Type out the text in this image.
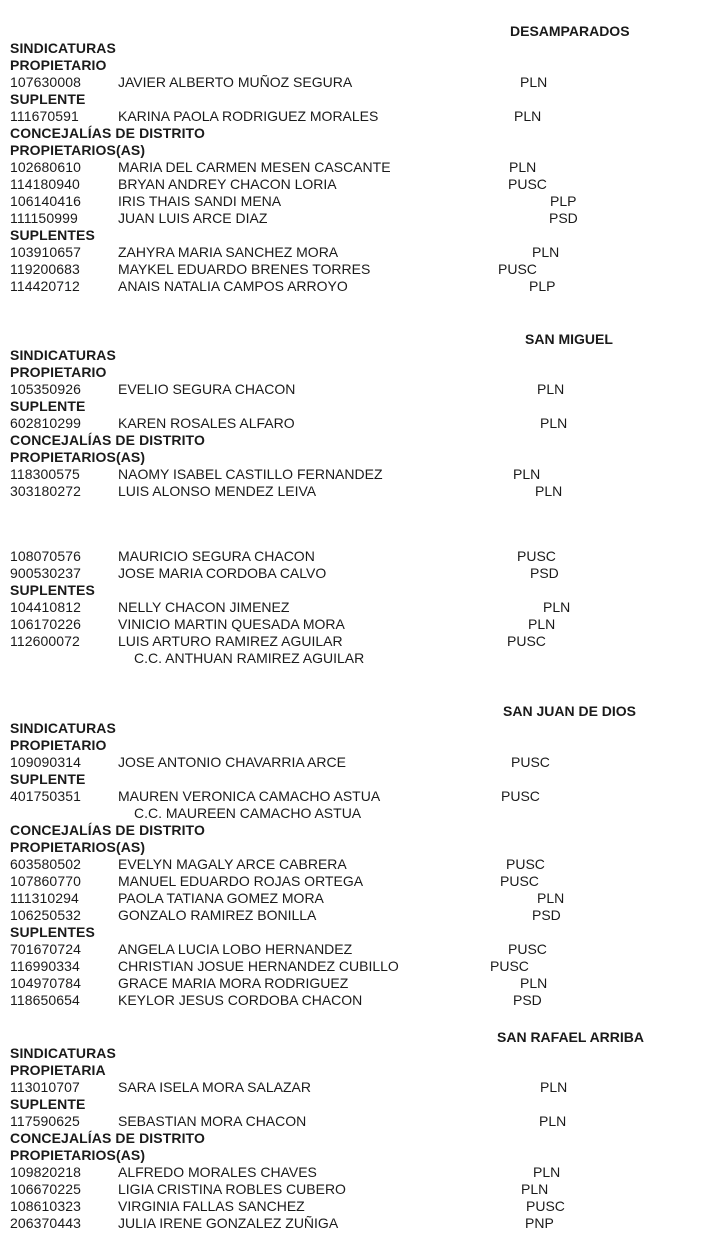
DESAMPARADOS
SINDICATURAS
PROPIETARIO
107630008	JAVIER ALBERTO MUÑOZ SEGURA	PLN
SUPLENTE
111670591	KARINA PAOLA RODRIGUEZ MORALES	PLN
CONCEJALÍAS DE DISTRITO
PROPIETARIOS(AS)
102680610	MARIA DEL CARMEN MESEN CASCANTE	PLN
114180940	BRYAN ANDREY CHACON LORIA	PUSC
106140416	IRIS THAIS SANDI MENA	PLP
111150999	JUAN LUIS ARCE DIAZ	PSD
SUPLENTES
103910657	ZAHYRA MARIA SANCHEZ MORA	PLN
119200683	MAYKEL EDUARDO BRENES TORRES	PUSC
114420712	ANAIS NATALIA CAMPOS ARROYO	PLP
SAN MIGUEL
SINDICATURAS
PROPIETARIO
105350926	EVELIO SEGURA CHACON	PLN
SUPLENTE
602810299	KAREN ROSALES ALFARO	PLN
CONCEJALÍAS DE DISTRITO
PROPIETARIOS(AS)
118300575	NAOMY ISABEL CASTILLO FERNANDEZ	PLN
303180272	LUIS ALONSO MENDEZ LEIVA	PLN
108070576	MAURICIO SEGURA CHACON	PUSC
900530237	JOSE MARIA CORDOBA CALVO	PSD
SUPLENTES
104410812	NELLY CHACON JIMENEZ	PLN
106170226	VINICIO MARTIN QUESADA MORA	PLN
112600072	LUIS ARTURO RAMIREZ AGUILAR	PUSC
C.C. ANTHUAN RAMIREZ AGUILAR
SAN JUAN DE DIOS
SINDICATURAS
PROPIETARIO
109090314	JOSE ANTONIO CHAVARRIA ARCE	PUSC
SUPLENTE
401750351	MAUREN VERONICA CAMACHO ASTUA	PUSC
C.C. MAUREEN CAMACHO ASTUA
CONCEJALÍAS DE DISTRITO
PROPIETARIOS(AS)
603580502	EVELYN MAGALY ARCE CABRERA	PUSC
107860770	MANUEL EDUARDO ROJAS ORTEGA	PUSC
111310294	PAOLA TATIANA GOMEZ MORA	PLN
106250532	GONZALO RAMIREZ BONILLA	PSD
SUPLENTES
701670724	ANGELA LUCIA LOBO HERNANDEZ	PUSC
116990334	CHRISTIAN JOSUE HERNANDEZ CUBILLO	PUSC
104970784	GRACE MARIA MORA RODRIGUEZ	PLN
118650654	KEYLOR JESUS CORDOBA CHACON	PSD
SAN RAFAEL ARRIBA
SINDICATURAS
PROPIETARIA
113010707	SARA ISELA MORA SALAZAR	PLN
SUPLENTE
117590625	SEBASTIAN MORA CHACON	PLN
CONCEJALÍAS DE DISTRITO
PROPIETARIOS(AS)
109820218	ALFREDO MORALES CHAVES	PLN
106670225	LIGIA CRISTINA ROBLES CUBERO	PLN
108610323	VIRGINIA FALLAS SANCHEZ	PUSC
206370443	JULIA IRENE GONZALEZ ZUÑIGA	PNP
